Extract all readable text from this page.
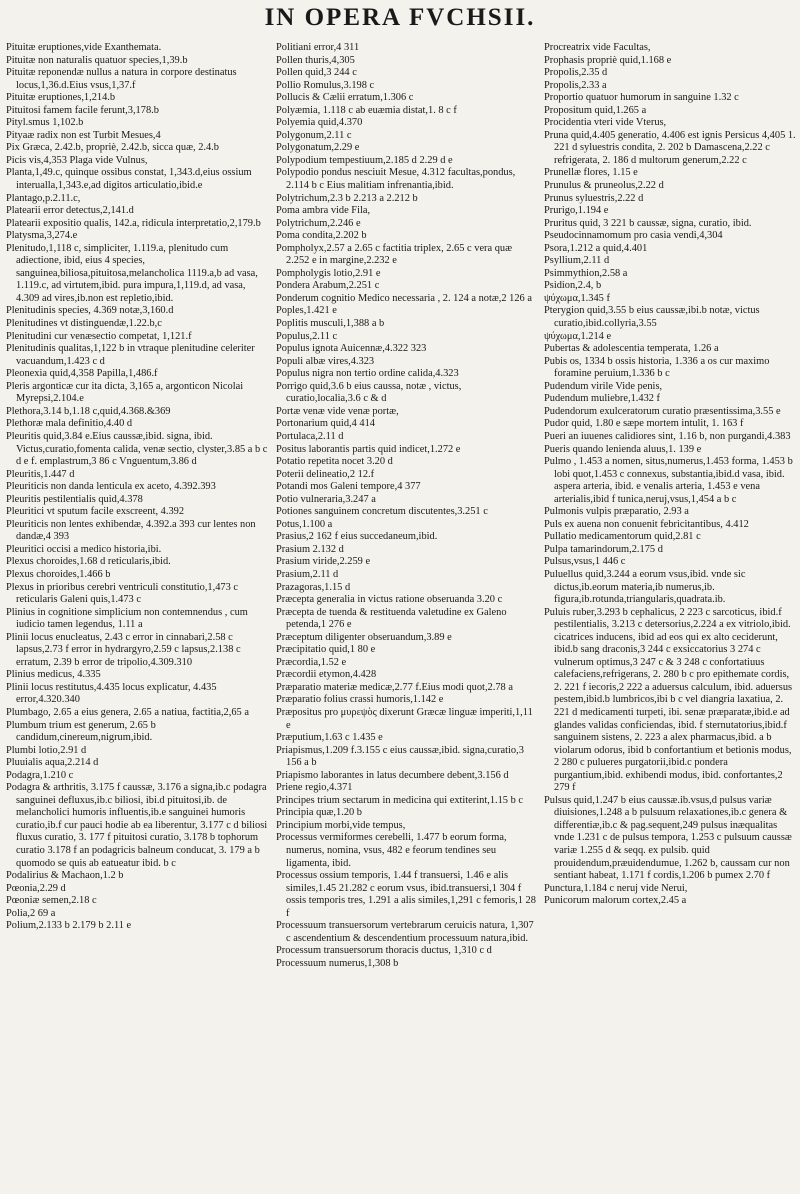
IN OPERA FVCHSII.
Pituitæ eruptiones,vide Exanthemata.
Pituitæ non naturalis quatuor species,1,39.b
Pituitæ reponendæ nullus a natura in corpore destinatus locus,1,36.d.Eius vsus,1,37.f
Pituitæ eruptiones,1,214.b
Pituitosi famem facile ferunt,3,178.b
Pityl.smus 1,102.b
Pityaæ radix non est Turbit Mesues,4
Pix Græca, 2.42.b, propriè, 2.42.b, sicca quæ, 2.4.b
Picis vis,4,353 Plaga vide Vulnus,
Planta,1,49.c, quinque ossibus constat, 1,343.d,eius ossium interualla,1,343.e,ad digitos articulatio,ibid.e
Plantago,p.2.11.c,
Platearii error detectus,2,141.d
Platearii expositio qualis, 142.a, ridicula interpretatio,2,179.b
Platysma,3,274.e
Plenitudo,1,118 c, simpliciter, 1.119.a, plenitudo cum adiectione, ibid, eius 4 species, sanguinea,biliosa,pituitosa,melancholica 1119.a,b ad vasa, 1.119.c, ad virtutem,ibid. pura impura,1,119.d, ad vasa, 4.309 ad vires,ib.non est repletio,ibid.
Plenitudinis species, 4.369 notæ,3,160.d
Plenitudines vt distinguendæ,1.22.b,c
Plenitudini cur venæsectio competat, 1,121.f
Plenitudinis qualitas,1,122 b in vtraque plenitudine celeriter vacuandum,1.423 c d
Pleonexia quid,4,358 Papilla,1,486.f
Pleris argonticæ cur ita dicta, 3,165 a, argonticon Nicolai Myrepsi,2.104.e
Plethora,3.14 b,1.18 c,quid,4.368.&369
Plethoræ mala definitio,4.40 d
Pleuritis quid,3.84 e.Eius caussæ,ibid. signa, ibid. Victus,curatio,fomenta calida, venæ sectio, clyster,3.85 a b c d e f. emplastrum,3 86 c Vnguentum,3.86 d
Pleuritis,1.447 d
Pleuriticis non danda lenticula ex aceto, 4.392.393
Pleuritis pestilentialis quid,4.378
Pleuritici vt sputum facile exscreent, 4.392
Pleuriticis non lentes exhibendæ, 4.392.a 393 cur lentes non dandæ,4 393
Pleuritici occisi a medico historia,ibi.
Plexus choroides,1.68 d reticularis,ibid.
Plexus choroides,1.466 b
Plexus in prioribus cerebri ventriculi constitutio,1,473 c reticularis Galeni quis,1.473 c
Plinius in cognitione simplicium non contemnendus , cum iudicio tamen legendus, 1.11 a
Plinii locus enucleatus, 2.43 c error in cinnabari,2.58 c lapsus,2.73 f error in hydrargyro,2.59 c lapsus,2.138 c erratum, 2.39 b error de tripolio,4.309.310
Plinius medicus, 4.335
Plinii locus restitutus,4.435 locus explicatur, 4.435 error,4.320.340
Plumbago, 2.65 a eius genera, 2.65 a natiua, factitia,2,65 a
Plumbum trium est generum, 2.65 b candidum,cinereum,nigrum,ibid.
Plumbi lotio,2.91 d
Pluuialis aqua,2.214 d
Podagra,1.210 c
Podagra & arthritis, 3.175 f caussæ, 3.176 a signa,ib.c podagra sanguinei defluxus,ib.c biliosi, ibi.d pituitosi,ib. de melancholici humoris influentis,ib.e sanguinei humoris curatio,ib.f cur pauci hodie ab ea liberentur, 3.177 c d biliosi fluxus curatio, 3. 177 f pituitosi curatio, 3.178 b tophorum curatio 3.178 f an podagricis balneum conducat, 3. 179 a b quomodo se quis ab eatueatur ibid. b c
Podalirius & Machaon,1.2 b
Pœonia,2.29 d
Pœoniæ semen,2.18 c
Polia,2 69 a
Polium,2.133 b 2.179 b 2.11 e
Politiani error,4 311
Pollen thuris,4,305
Pollen quid,3 244 c
Pollio Romulus,3.198 c
Pollucis & Cælii erratum,1.306 c
Polyæmia, 1.118 c ab euæmia distat,1. 8 c f
Polyemia quid,4.370
Polygonum,2.11 c
Polygonatum,2.29 e
Polypodium tempestiuum,2.185 d 2.29 d e
Polypodio pondus nesciuit Mesue, 4.312 facultas,pondus, 2.114 b c Eius malitiam infrenantia,ibid.
Polytrichum,2.3 b 2.213 a 2.212 b
Poma ambra vide Fila,
Polytrichum,2.246 e
Poma condita,2.202 b
Pompholyx,2.57 a 2.65 c factitia triplex, 2.65 c vera quæ 2.252 e in margine,2.232 e
Pompholygis lotio,2.91 e
Pondera Arabum,2.251 c
Ponderum cognitio Medico necessaria , 2. 124 a notæ,2 126 a
Poples,1.421 e
Poplitis musculi,1,388 a b
Populus,2.11 c
Populus ignota Auicennæ,4.322 323
Populi albæ vires,4.323
Populus nigra non tertio ordine calida,4.323
Porrigo quid,3.6 b eius caussa, notæ , victus, curatio,localia,3.6 c & d
Portæ venæ vide venæ portæ,
Portonarium quid,4 414
Portulaca,2.11 d
Positus laborantis partis quid indicet,1.272 e
Potatio repetita nocet 3.20 d
Poterii delineatio,2 12.f
Potandi mos Galeni tempore,4 377
Potio vulneraria,3.247 a
Potiones sanguinem concretum discutentes,3.251 c
Potus,1.100 a
Prasius,2 162 f eius succedaneum,ibid.
Prasium 2.132 d
Prasium viride,2.259 e
Prasium,2.11 d
Prazagoras,1.15 d
Præcepta generalia in victus ratione obseruanda 3.20 c
Præcepta de tuenda & restituenda valetudine ex Galeno petenda,1 276 e
Præceptum diligenter obseruandum,3.89 e
Præcipitatio quid,1 80 e
Præcordia,1.52 e
Præcordii etymon,4.428
Præparatio materiæ medicæ,2.77 f.Eius modi quot,2.78 a
Præparatio folius crassi humoris,1.142 e
Præpositus pro μυρεψὸς dixerunt Græcæ linguæ imperiti,1,11 e
Præputium,1.63 c 1.435 e
Priapismus,1.209 f.3.155 c eius caussæ,ibid. signa,curatio,3 156 a b
Priapismo laborantes in latus decumbere debent,3.156 d
Priene regio,4.371
Principes trium sectarum in medicina qui extiterint,1.15 b c
Principia quæ,1.20 b
Principium morbi,vide tempus,
Processus vermiformes cerebelli, 1.477 b eorum forma, numerus, nomina, vsus, 482 e feorum tendines seu ligamenta, ibid.
Processus ossium temporis, 1.44 f transuersi, 1.46 e alis similes,1.45 21.282 c eorum vsus, ibid.transuersi,1 304 f ossis temporis tres, 1.291 a alis similes,1,291 c femoris,1 28 f
Processuum transuersorum vertebrarum ceruicis natura, 1,307 c ascendentium & descendentium processuum natura,ibid.
Processum transuersorum thoracis ductus, 1,310 c d
Processuum numerus,1,308 b
Procreatrix vide Facultas,
Prophasis propriè quid,1.168 e
Propolis,2.35 d
Propolis,2.33 a
Proportio quatuor humorum in sanguine 1.32 c
Propositum quid,1.265 a
Procidentia vteri vide Vterus,
Pruna quid,4.405 generatio, 4.406 est ignis Persicus 4,405 1. 221 d syluestris condita, 2. 202 b Damascena,2.22 c refrigerata, 2. 186 d multorum generum,2.22 c
Prunellæ flores, 1.15 e
Prunulus & pruneolus,2.22 d
Prunus syluestris,2.22 d
Prurigo,1.194 e
Pruritus quid, 3 221 b caussæ, signa, curatio, ibid.
Pseudocinnamomum pro casia vendi,4,304
Psora,1.212 a quid,4.401
Psyllium,2.11 d
Psimmythion,2.58 a
Psidion,2.4, b
ψύχωμα,1.345 f
Pterygion quid,3.55 b eius caussæ,ibi.b notæ, victus curatio,ibid.collyria,3.55
ψύχωμα,1.214 e
Pubertas & adolescentia temperata, 1.26 a
Pubis os, 1334 b ossis historia, 1.336 a os cur maximo foramine peruium,1.336 b c
Pudendum virile Vide penis,
Pudendum muliebre,1.432 f
Pudendorum exulceratorum curatio præsentissima,3.55 e
Pudor quid, 1.80 e sæpe mortem intulit, 1. 163 f
Pueri an iuuenes calidiores sint, 1.16 b, non purgandi,4.383
Pueris quando lenienda aluus,1. 139 e
Pulmo , 1.453 a nomen, situs,numerus,1.453 forma, 1.453 b lobi quot,1.453 c connexus, substantia,ibid.d vasa, ibid. aspera arteria, ibid. e venalis arteria, 1.453 e vena arterialis,ibid f tunica,neruj,vsus,1,454 a b c
Pulmonis vulpis præparatio, 2.93 a
Puls ex auena non conuenit febricitantibus, 4.412
Pullatio medicamentorum quid,2.81 c
Pulpa tamarindorum,2.175 d
Pulsus,vsus,1 446 c
Puluellus quid,3.244 a eorum vsus,ibid. vnde sic dictus,ib.eorum materia,ib numerus,ib. figura,ib.rotunda,triangularis,quadrata.ib.
Puluis ruber,3.293 b cephalicus, 2 223 c sarcoticus, ibid.f pestilentialis, 3.213 c detersorius,2.224 a ex vitriolo,ibid. cicatrices inducens, ibid ad eos qui ex alto ceciderunt, ibid.b sang draconis,3 244 c exsiccatorius 3 274 c vulnerum optimus,3 247 c & 3 248 c confortatiuus calefaciens,refrigerans, 2. 280 b c pro epithemate cordis, 2. 221 f iecoris,2 222 a aduersus calculum, ibid. aduersus pestem,ibid.b lumbricos,ibi b c vel diangria laxatiua, 2. 221 d medicamenti turpeti, ibi. senæ præparatæ,ibid.e ad glandes validas conficiendas, ibid. f sternutatorius,ibid.f sanguinem sistens, 2. 223 a alex pharmacus,ibid. a b violarum odorus, ibid b confortantium et betionis modus, 2 280 c pulueres purgatorii,ibid.c pondera purgantium,ibid. exhibendi modus, ibid. confortantes,2 279 f
Pulsus quid,1.247 b eius caussæ.ib.vsus,d pulsus variæ diuisiones,1.248 a b pulsuum relaxationes,ib.c genera & differentiæ,ib.c & pag.sequent,249 pulsus inæqualitas vnde 1.231 c de pulsus tempora, 1.253 c pulsuum caussæ variæ 1.255 d & seqq. ex pulsib. quid prouidendum,præuidendumue, 1.262 b, caussam cur non sentiant habeat, 1.171 f cordis,1.206 b pumex 2.70 f
Punctura,1.184 c neruj vide Nerui,
Punicorum malorum cortex,2.45 a
